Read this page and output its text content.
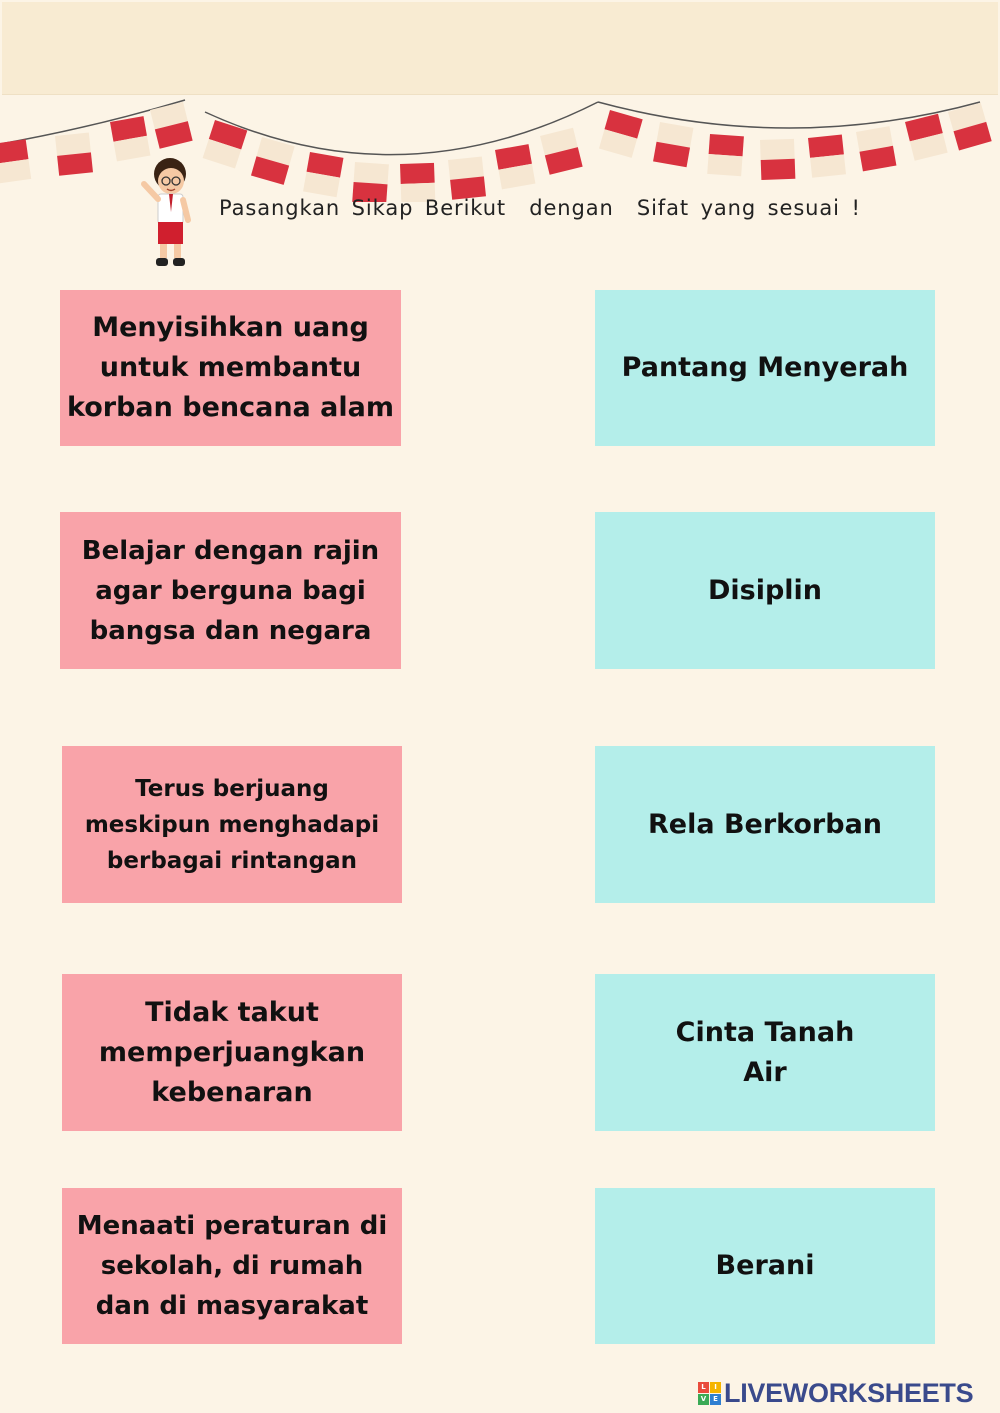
Pasangkan Sikap Berikut  dengan  Sifat yang sesuai !
Menyisihkan uang
untuk membantu
korban bencana alam
Belajar dengan rajin
agar berguna bagi
bangsa dan negara
Terus berjuang
meskipun menghadapi
berbagai rintangan
Tidak takut
memperjuangkan
kebenaran
Menaati peraturan di
sekolah, di rumah
dan di masyarakat
Pantang Menyerah
Disiplin
Rela Berkorban
Cinta Tanah
Air
Berani
L	I
V E LIVEWORKSHEETS
